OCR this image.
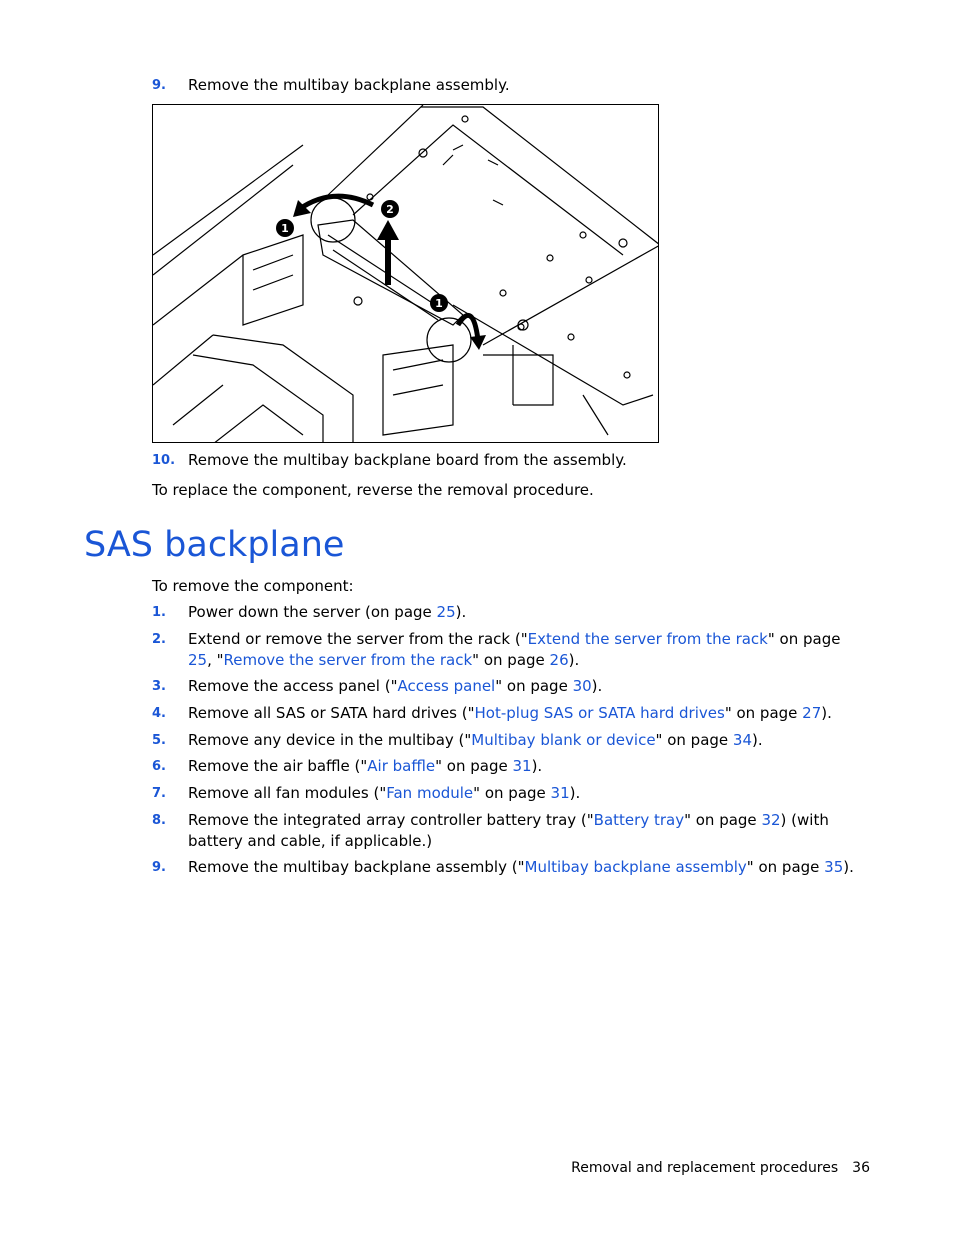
9. Remove the multibay backplane assembly.
1
2
1
10. Remove the multibay backplane board from the assembly.
To replace the component, reverse the removal procedure.
SAS backplane
To remove the component:
1. Power down the server (on page 25).
2. Extend or remove the server from the rack ("Extend the server from the rack" on page 25, "Remove the server from the rack" on page 26).
3. Remove the access panel ("Access panel" on page 30).
4. Remove all SAS or SATA hard drives ("Hot-plug SAS or SATA hard drives" on page 27).
5. Remove any device in the multibay ("Multibay blank or device" on page 34).
6. Remove the air baffle ("Air baffle" on page 31).
7. Remove all fan modules ("Fan module" on page 31).
8. Remove the integrated array controller battery tray ("Battery tray" on page 32) (with battery and cable, if applicable.)
9. Remove the multibay backplane assembly ("Multibay backplane assembly" on page 35).
Removal and replacement procedures 36
